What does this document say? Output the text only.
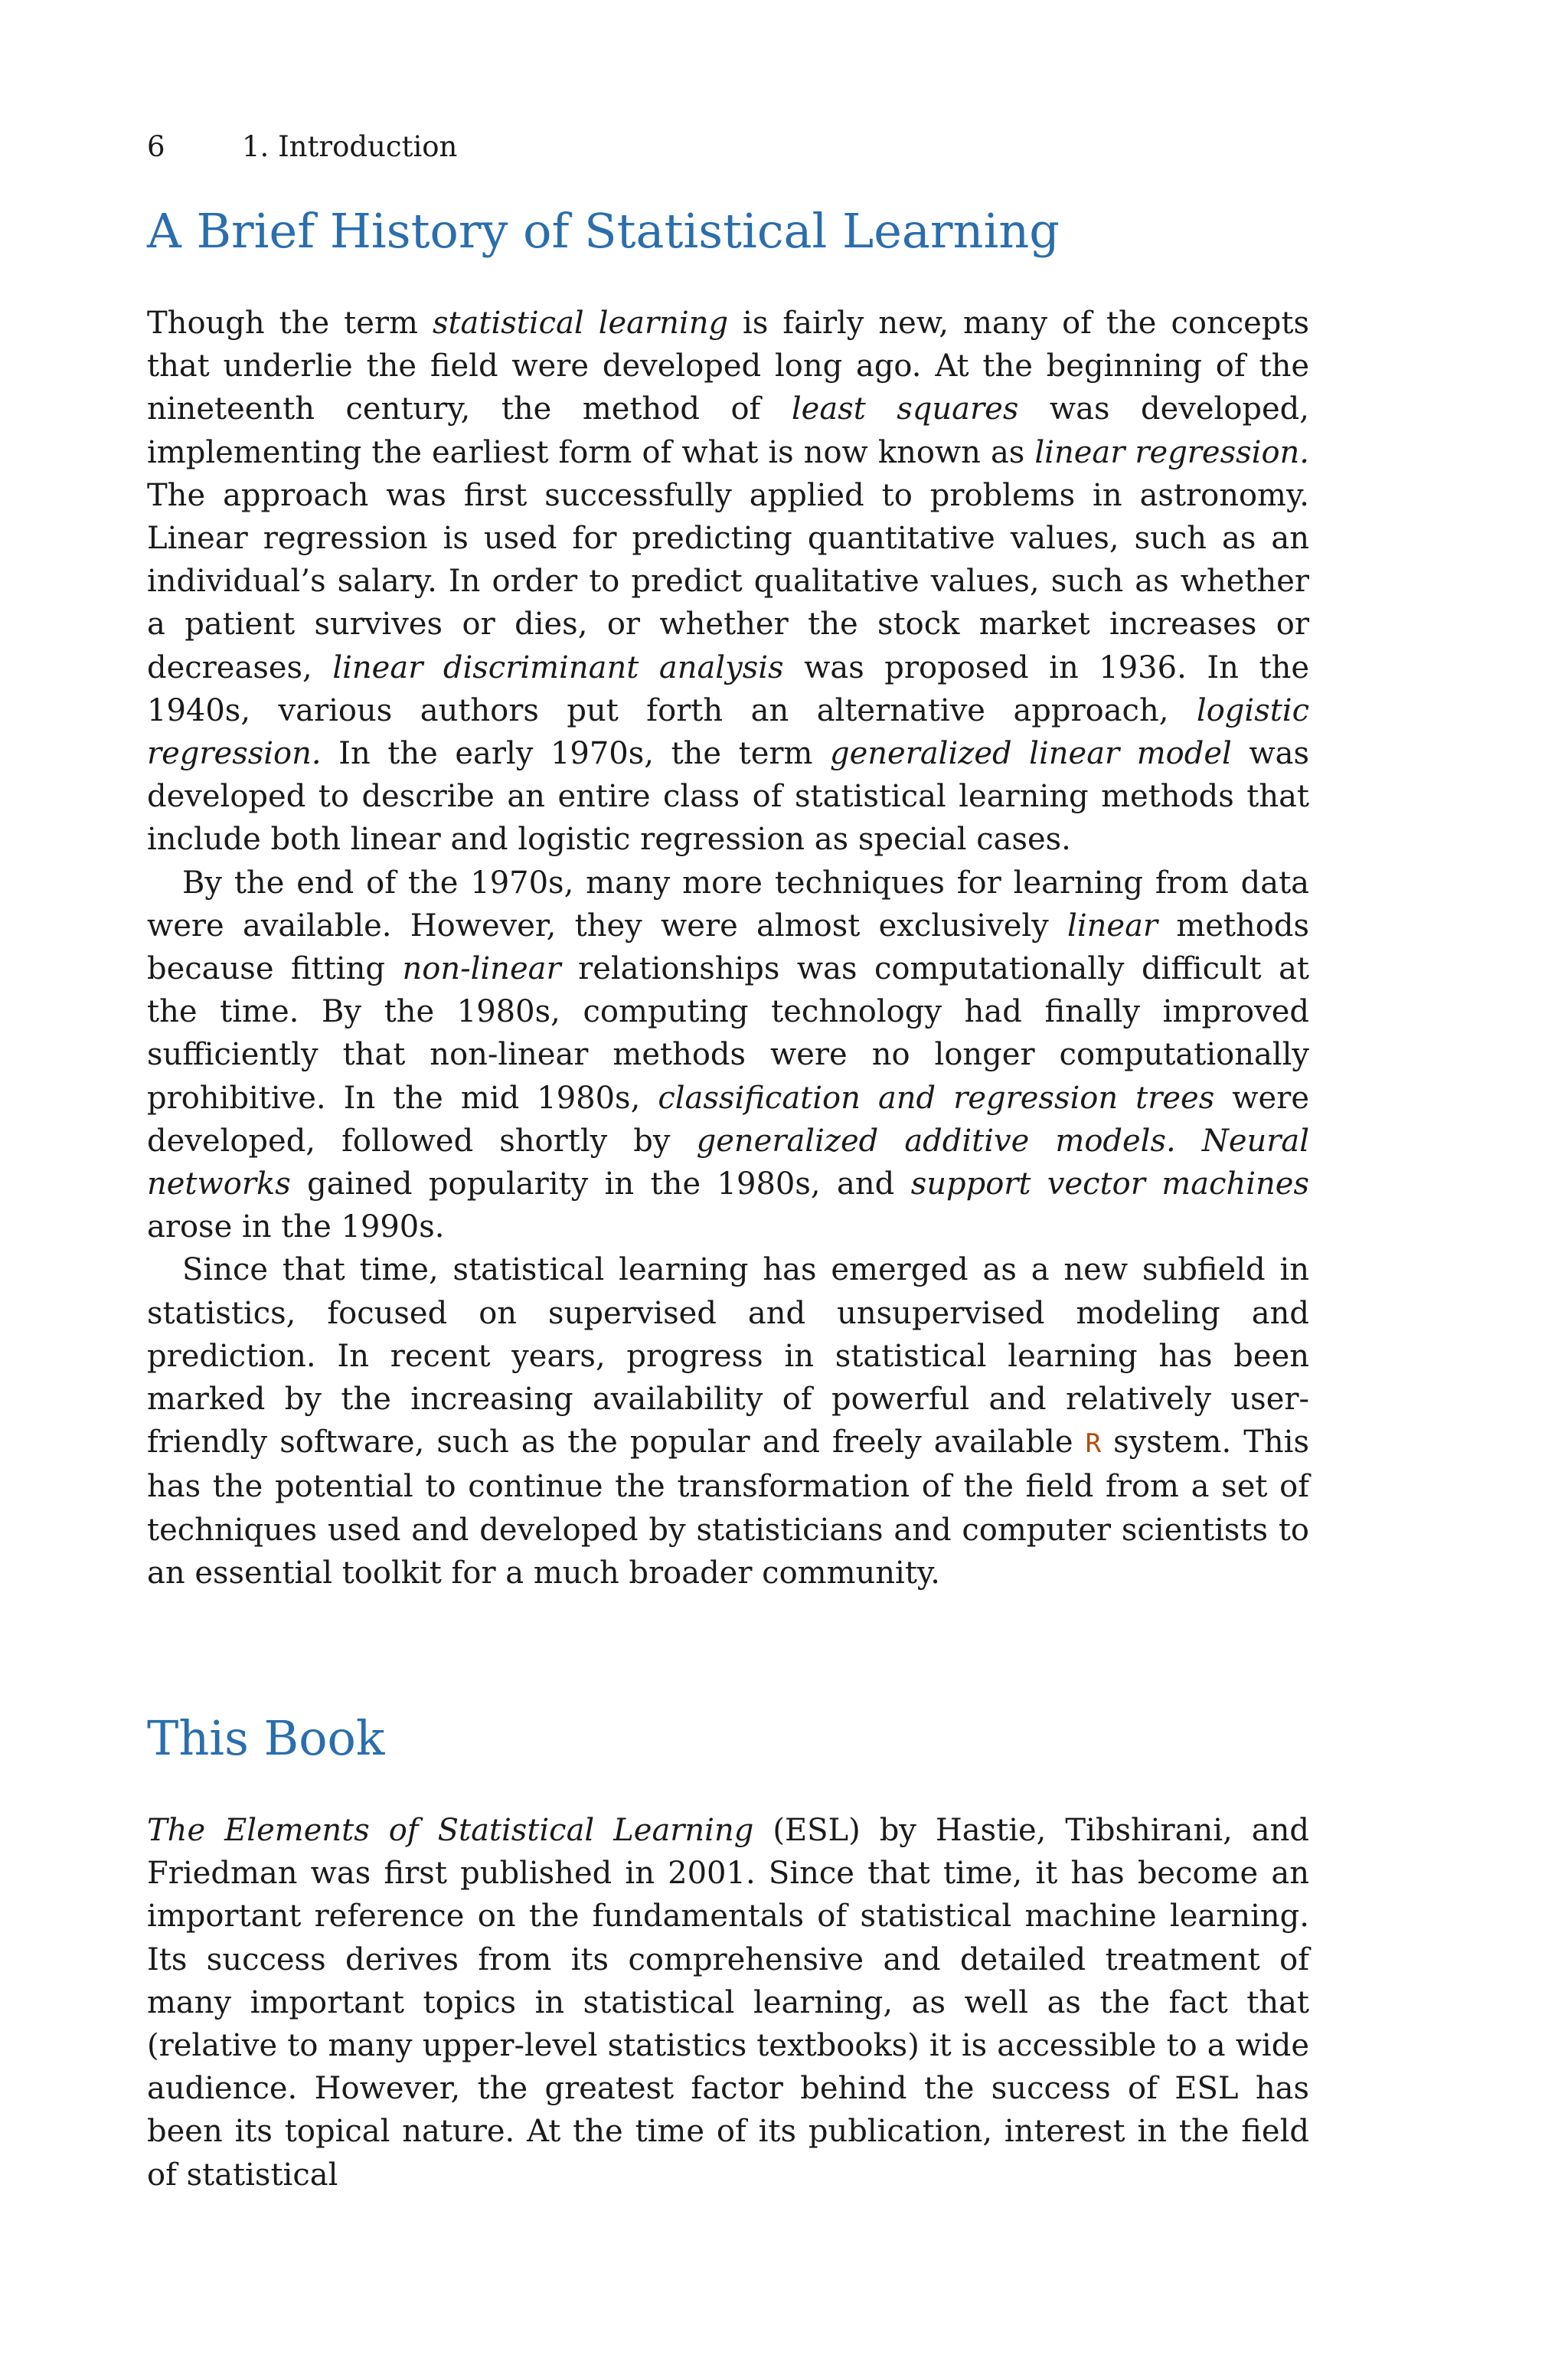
6	1. Introduction
A Brief History of Statistical Learning

Though the term statistical learning is fairly new, many of the concepts that underlie the field were developed long ago. At the beginning of the nineteenth century, the method of least squares was developed, implementing the earliest form of what is now known as linear regression. The approach was first successfully applied to problems in astronomy. Linear regression is used for predicting quantitative values, such as an individual’s salary. In order to predict qualitative values, such as whether a patient survives or dies, or whether the stock market increases or decreases, linear discriminant analysis was proposed in 1936. In the 1940s, various authors put forth an alternative approach, logistic regression. In the early 1970s, the term generalized linear model was developed to describe an entire class of statistical learning methods that include both linear and logistic regression as special cases.

By the end of the 1970s, many more techniques for learning from data were available. However, they were almost exclusively linear methods because fitting non-linear relationships was computationally difficult at the time. By the 1980s, computing technology had finally improved sufficiently that non-linear methods were no longer computationally prohibitive. In the mid 1980s, classification and regression trees were developed, followed shortly by generalized additive models. Neural networks gained popularity in the 1980s, and support vector machines arose in the 1990s.

Since that time, statistical learning has emerged as a new subfield in statistics, focused on supervised and unsupervised modeling and prediction. In recent years, progress in statistical learning has been marked by the increasing availability of powerful and relatively user-friendly software, such as the popular and freely available R system. This has the potential to continue the transformation of the field from a set of techniques used and developed by statisticians and computer scientists to an essential toolkit for a much broader community.

This Book

The Elements of Statistical Learning (ESL) by Hastie, Tibshirani, and Friedman was first published in 2001. Since that time, it has become an important reference on the fundamentals of statistical machine learning. Its success derives from its comprehensive and detailed treatment of many important topics in statistical learning, as well as the fact that (relative to many upper-level statistics textbooks) it is accessible to a wide audience. However, the greatest factor behind the success of ESL has been its topical nature. At the time of its publication, interest in the field of statistical
